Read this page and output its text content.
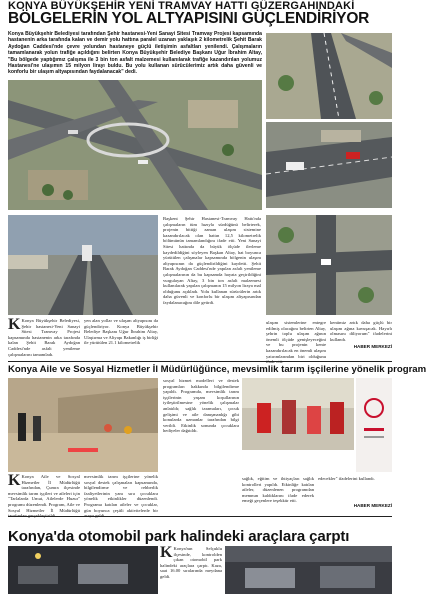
KONYA BÜYÜKŞEHİR YENİ TRAMVAY HATTI GÜZERGAHINDAKİ
BÖLGELERİN YOL ALTYAPISINI GÜÇLENDİRİYOR
Konya Büyükşehir Belediyesi tarafından Şehir hastanesi-Yeni Sanayi Sitesi Tramvay Projesi kapsamında hastanenin arka tarafında kalan ve demir yolu hattına paralel uzanan yaklaşık 2 kilometrelik Şehit Barak Aydoğan Caddesi'nde çevre yolundan hastaneye güçlü iletişimin asfaltları yenilendi. Çalışmaların tamamlanarak yolun trafiğe açıldığını belirten Konya Büyükşehir Belediye Başkanı Uğur İbrahim Altay, "Bu bölgede yaptığımız çalışma ile 3 bin ton asfalt malzemesi kullanılarak trafiğe kazandırılan yolumuz Hastanesi'ne ulaşımın 15 milyon lirayı buldu. Bu yolu kullanan sürücülerimiz artık daha güvenli ve konforlu bir ulaşım altyapısından faydalanacak" dedi.
K Konya Büyükşehir Belediyesi, Şehir hastanesi-Yeni Sanayi Sitesi Tramvay Projesi kapsamında hastanenin arka tarafında kalan Şehit Barak Aydoğan Caddesi'nde asfalt yenileme çalışmalarını tamamladı.
yen alan yollar ve ulaşım altyapısını da güçlendiriyor. Konya Büyükşehir Belediye Başkanı Uğur İbrahim Altay, Ulaştırma ve Altyapı Bakanlığı iş birliği ile yürütülen 21.1 kilometrelik
Başkent Şehir Hastanesi-Tramvay Hattı'nda çalışmaların tüm hızıyla sürdüğünü belirterek, projenin bittiği zaman ulaşım sistemine kazandırılacak olan hattın 12,5 kilometrelik bölümünün tamamlandığını ifade etti. Yeni Sanayi Sitesi hattında da büyük ölçüde ilerleme kaydedildiğini söyleyen Başkan Altay, hat boyunca yürütülen çalışmalar kapsamında bölgenin ulaşım altyapısının da güçlendirildiğini kaydetti. Şehit Barak Aydoğan Caddesi'nde yapılan asfalt yenileme çalışmalarının da bu kapsamda hayata geçirildiğini vurgulayan Altay, 3 bin ton asfalt malzemesi kullanılarak yapılan çalışmanın 15 milyon liraya mal olduğunu açıkladı. Yolu kullanan sürücülerin artık daha güvenli ve konforlu bir ulaşım altyapısından faydalanacağını dile getirdi.
ulaşım sistemlerine entegre edilmiş olacağını belirten Altay, şehrin toplu ulaşım ağının önemli ölçüde genişleyeceğini ve bu projenin kente kazandırılacak en önemli ulaşım yatırımlarından biri olduğunu
kentimiz artık daha güçlü bir ulaşım ağına kavuşacak. Hayırlı olmasını diliyorum" ifadelerini kullandı.
HABER MERKEZİ
Konya Aile ve Sosyal Hizmetler İl Müdürlüğünce, mevsimlik tarım işçilerine yönelik program
K Konya Aile ve Sosyal Hizmetler İl Müdürlüğü tarafından, Çumra ilçesinde mevsimlik tarım işçileri ve aileleri için "Tarlalarda Umut, Ailelerde Huzur" programı düzenlendi. Program, Aile ve Sosyal Hizmetler İl Müdürlüğü
mevsimlik tarım işçilerine yönelik sosyal destek çalışmaları kapsamında, bilgilendirme ve rehberlik faaliyetlerinin yanı sıra çocuklara yönelik etkinlikler düzenlendi. Programa katılan aileler ve çocuklar, gün boyunca çeşitli aktivitelerde bir
sosyal hizmet modelleri ve destek programları hakkında bilgilendirme yapıldı. Programda, mevsimlik tarım işçilerinin yaşam koşullarının iyileştirilmesine yönelik çalışmalar anlatıldı; sağlık taramaları, çocuk gelişimi ve aile danışmanlığı gibi konularda uzmanlar tarafından bilgi verildi. Etkinlik sonunda çocuklara hediyeler dağıtıldı.
sağlık, eğitim ve ihtiyaçları sağlık kontrolleri yapıldı. Etkinliğe katılan aileler, düzenlenen programdan memnun kaldıklarını ifade ederek emeği geçenlere teşekkür etti.
edecekler" ifadelerini kullandı.
HABER MERKEZİ
Konya'da otomobil park halindeki araçlara çarptı
K Konya'nın Selçuklu ilçesinde, kontrolden çıkan otomobil park halindeki araçlara çarptı. Kaza, saat 16.00 sıralarında meydana geldi.
